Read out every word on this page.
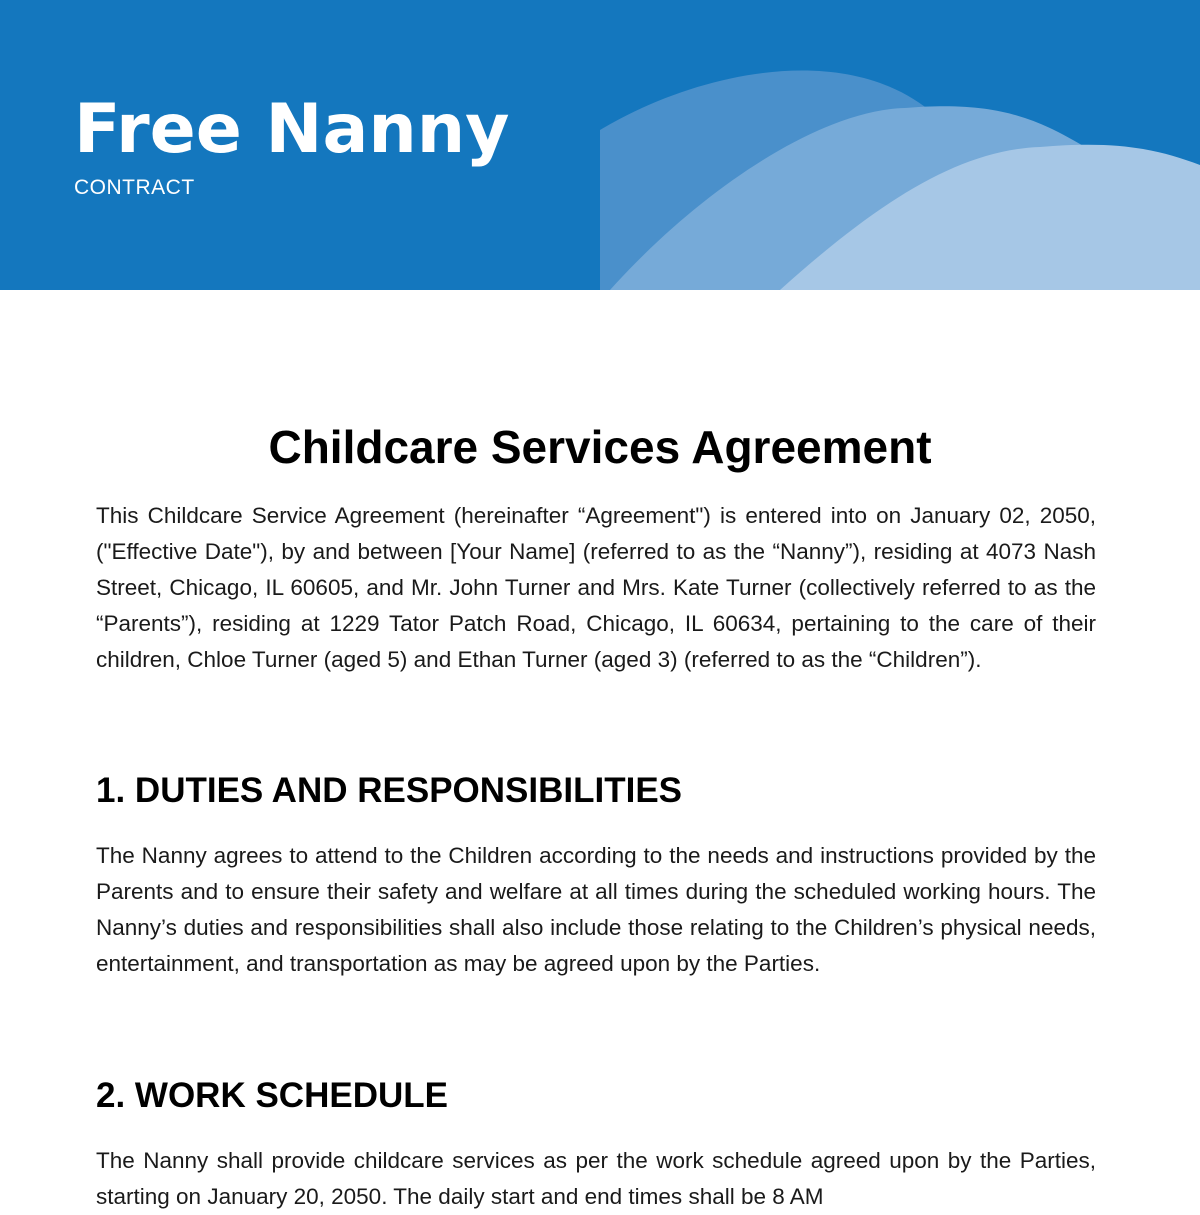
Free Nanny
CONTRACT
Childcare Services Agreement
This Childcare Service Agreement (hereinafter “Agreement") is entered into on January 02, 2050, ("Effective Date"), by and between [Your Name] (referred to as the “Nanny”), residing at 4073 Nash Street, Chicago, IL 60605, and Mr. John Turner and Mrs. Kate Turner (collectively referred to as the “Parents”), residing at 1229 Tator Patch Road, Chicago, IL 60634, pertaining to the care of their children, Chloe Turner (aged 5) and Ethan Turner (aged 3) (referred to as the “Children”).
1. DUTIES AND RESPONSIBILITIES
The Nanny agrees to attend to the Children according to the needs and instructions provided by the Parents and to ensure their safety and welfare at all times during the scheduled working hours. The Nanny’s duties and responsibilities shall also include those relating to the Children’s physical needs, entertainment, and transportation as may be agreed upon by the Parties.
2. WORK SCHEDULE
The Nanny shall provide childcare services as per the work schedule agreed upon by the Parties, starting on January 20, 2050. The daily start and end times shall be 8 AM
